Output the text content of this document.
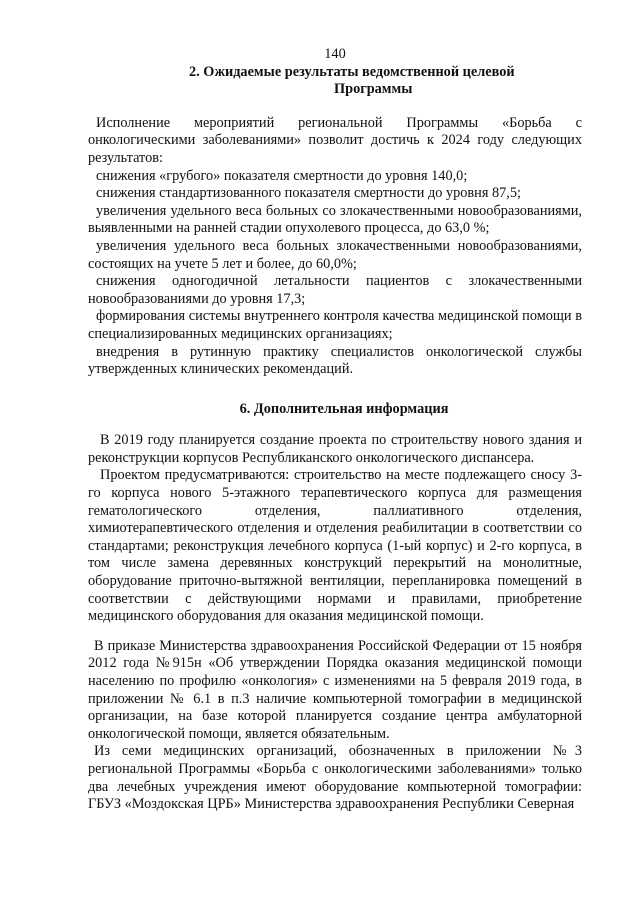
140

2. Ожидаемые результаты ведомственной целевой
Программы

Исполнение мероприятий региональной Программы «Борьба с онкологическими заболеваниями» позволит достичь к 2024 году следующих результатов:

снижения «грубого» показателя смертности до уровня 140,0;

снижения стандартизованного показателя смертности до уровня 87,5;

увеличения удельного веса больных со злокачественными новообразованиями, выявленными на ранней стадии опухолевого процесса, до 63,0 %;

увеличения удельного веса больных злокачественными новообразованиями, состоящих на учете 5 лет и более, до 60,0%;

снижения одногодичной летальности пациентов с злокачественными новообразованиями до уровня 17,3;

формирования системы внутреннего контроля качества медицинской помощи в специализированных медицинских организациях;

внедрения в рутинную практику специалистов онкологической службы утвержденных клинических рекомендаций.

6. Дополнительная информация

В 2019 году планируется создание проекта по строительству нового здания и реконструкции корпусов Республиканского онкологического диспансера.

Проектом предусматриваются: строительство на месте подлежащего сносу 3-го корпуса нового 5-этажного терапевтического корпуса для размещения гематологического отделения, паллиативного отделения, химиотерапевтического отделения и отделения реабилитации в соответствии со стандартами; реконструкция лечебного корпуса (1-ый корпус) и 2-го корпуса, в том числе замена деревянных конструкций перекрытий на монолитные, оборудование приточно-вытяжной вентиляции, перепланировка помещений в соответствии с действующими нормами и правилами, приобретение медицинского оборудования для оказания медицинской помощи.

В приказе Министерства здравоохранения Российской Федерации от 15 ноября 2012 года №915н «Об утверждении Порядка оказания медицинской помощи населению по профилю «онкология» с изменениями на 5 февраля 2019 года, в приложении № 6.1 в п.3 наличие компьютерной томографии в медицинской организации, на базе которой планируется создание центра амбулаторной онкологической помощи, является обязательным.

Из семи медицинских организаций, обозначенных в приложении №3 региональной Программы «Борьба с онкологическими заболеваниями» только два лечебных учреждения имеют оборудование компьютерной томографии: ГБУЗ «Моздокская ЦРБ» Министерства здравоохранения Республики Северная
